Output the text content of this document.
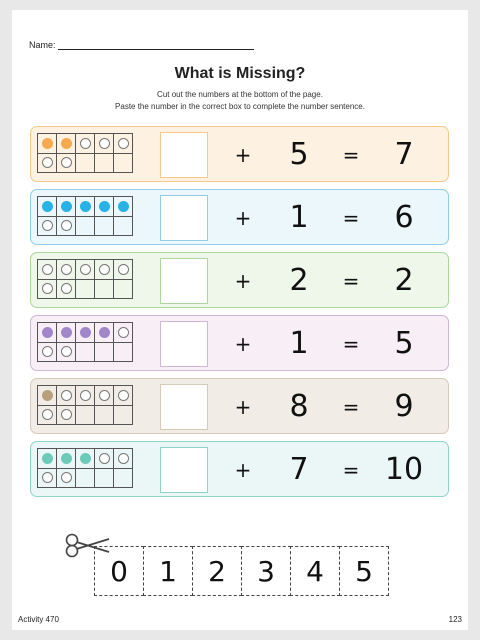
Name:
What is Missing?
Cut out the numbers at the bottom of the page.
Paste the number in the correct box to complete the number sentence.
+	5	=	7
+	1	=	6
+	2	=	2
+	1	=	5
+	8	=	9
+	7	= 10
0	1	2	3	4	5
Activity 470	123
